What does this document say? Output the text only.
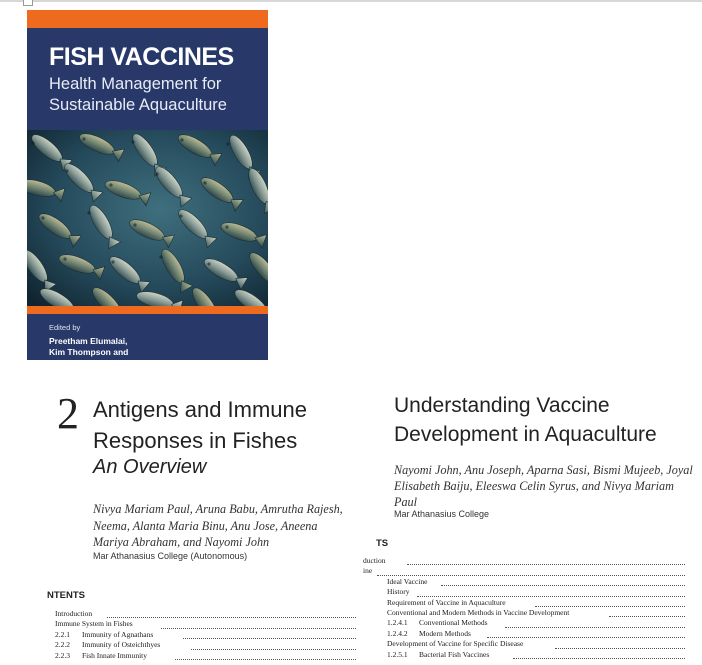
FISH VACCINES
Health Management for Sustainable Aquaculture
Edited by
Preetham Elumalai,
Kim Thompson and
2 Antigens and Immune Responses in Fishes
An Overview
Nivya Mariam Paul, Aruna Babu, Amrutha Rajesh, Neema, Alanta Maria Binu, Anu Jose, Aneena Mariya Abraham, and Nayomi John
Mar Athanasius College (Autonomous)
NTENTS
Introduction
Immune System in Fishes
2.2.1 Immunity of Agnathans
2.2.2 Immunity of Osteichthyes
2.2.3 Fish Innate Immunity
Understanding Vaccine Development in Aquaculture
Nayomi John, Anu Joseph, Aparna Sasi, Bismi Mujeeb, Joyal Elisabeth Baiju, Eleeswa Celin Syrus, and Nivya Mariam Paul
Mar Athanasius College
TS
duction
ine
Ideal Vaccine
History
Requirement of Vaccine in Aquaculture
Conventional and Modern Methods in Vaccine Development
1.2.4.1 Conventional Methods
1.2.4.2 Modern Methods
Development of Vaccine for Specific Disease
1.2.5.1 Bacterial Fish Vaccines
